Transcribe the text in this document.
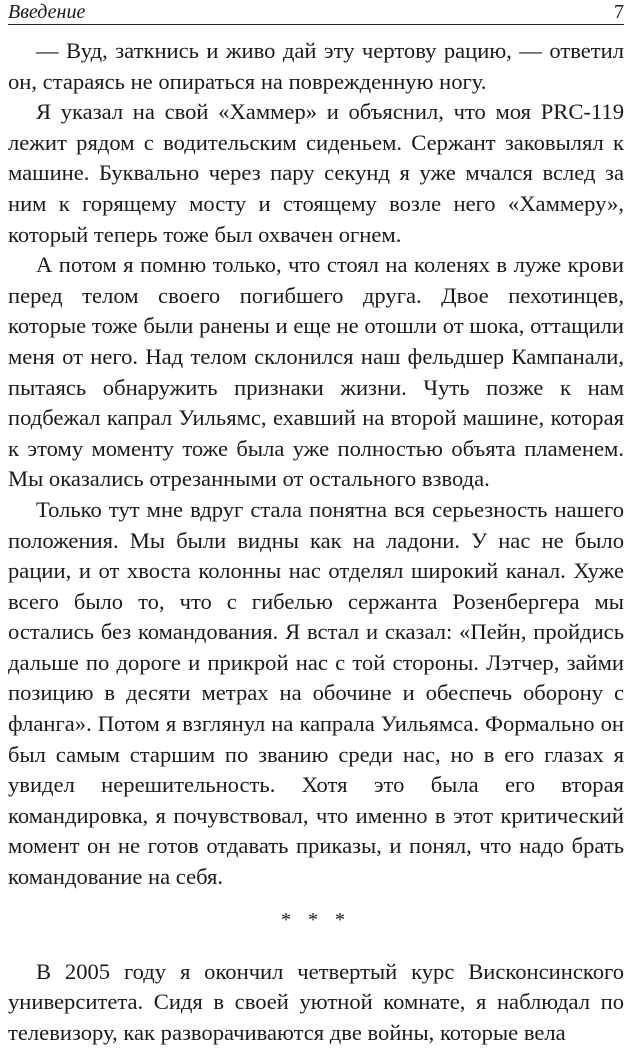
Введение	7

— Вуд, заткнись и живо дай эту чертову рацию, — ответил он, стараясь не опираться на поврежденную ногу.

Я указал на свой «Хаммер» и объяснил, что моя PRC-119 лежит рядом с водительским сиденьем. Сержант заковылял к машине. Буквально через пару секунд я уже мчался вслед за ним к горящему мосту и стоящему возле него «Хаммеру», который теперь тоже был охвачен огнем.

А потом я помню только, что стоял на коленях в луже крови перед телом своего погибшего друга. Двое пехотинцев, которые тоже были ранены и еще не отошли от шока, оттащили меня от него. Над телом склонился наш фельдшер Кампанали, пытаясь обнаружить признаки жизни. Чуть позже к нам подбежал капрал Уильямс, ехавший на второй машине, которая к этому моменту тоже была уже полностью объята пламенем. Мы оказались отрезанными от остального взвода.

Только тут мне вдруг стала понятна вся серьезность нашего положения. Мы были видны как на ладони. У нас не было рации, и от хвоста колонны нас отделял широкий канал. Хуже всего было то, что с гибелью сержанта Розенбергера мы остались без командования. Я встал и сказал: «Пейн, пройдись дальше по дороге и прикрой нас с той стороны. Лэтчер, займи позицию в десяти метрах на обочине и обеспечь оборону с фланга». Потом я взглянул на капрала Уильямса. Формально он был самым старшим по званию среди нас, но в его глазах я увидел нерешительность. Хотя это была его вторая командировка, я почувствовал, что именно в этот критический момент он не готов отдавать приказы, и понял, что надо брать командование на себя.

* * *

В 2005 году я окончил четвертый курс Висконсинского университета. Сидя в своей уютной комнате, я наблюдал по телевизору, как разворачиваются две войны, которые вела
